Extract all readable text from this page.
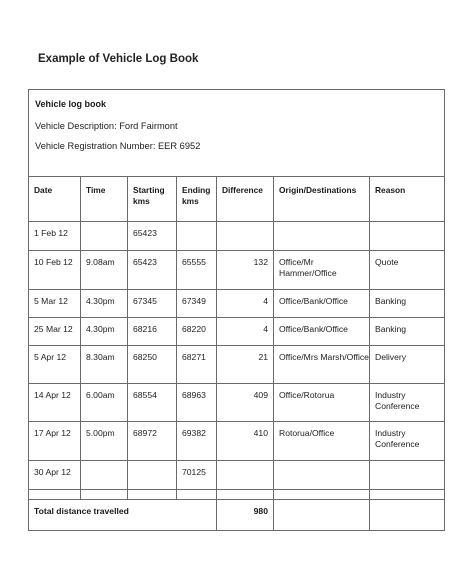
Example of Vehicle Log Book
Vehicle log book
Vehicle Description: Ford Fairmont
Vehicle Registration Number: EER 6952						

Date	Time	Starting kms	Ending kms	Difference	Origin/Destinations	Reason
1 Feb 12		65423				
10 Feb 12	9.08am	65423	65555	132	Office/Mr Hammer/Office	Quote
5 Mar 12	4.30pm	67345	67349	4	Office/Bank/Office	Banking
25 Mar 12	4.30pm	68216	68220	4	Office/Bank/Office	Banking
5 Apr 12	8.30am	68250	68271	21	Office/Mrs Marsh/Office	Delivery
14 Apr 12	6.00am	68554	68963	409	Office/Rotorua	Industry Conference
17 Apr 12	5.00pm	68972	69382	410	Rotorua/Office	Industry Conference
30 Apr 12			70125			

Total distance travelled				980		
